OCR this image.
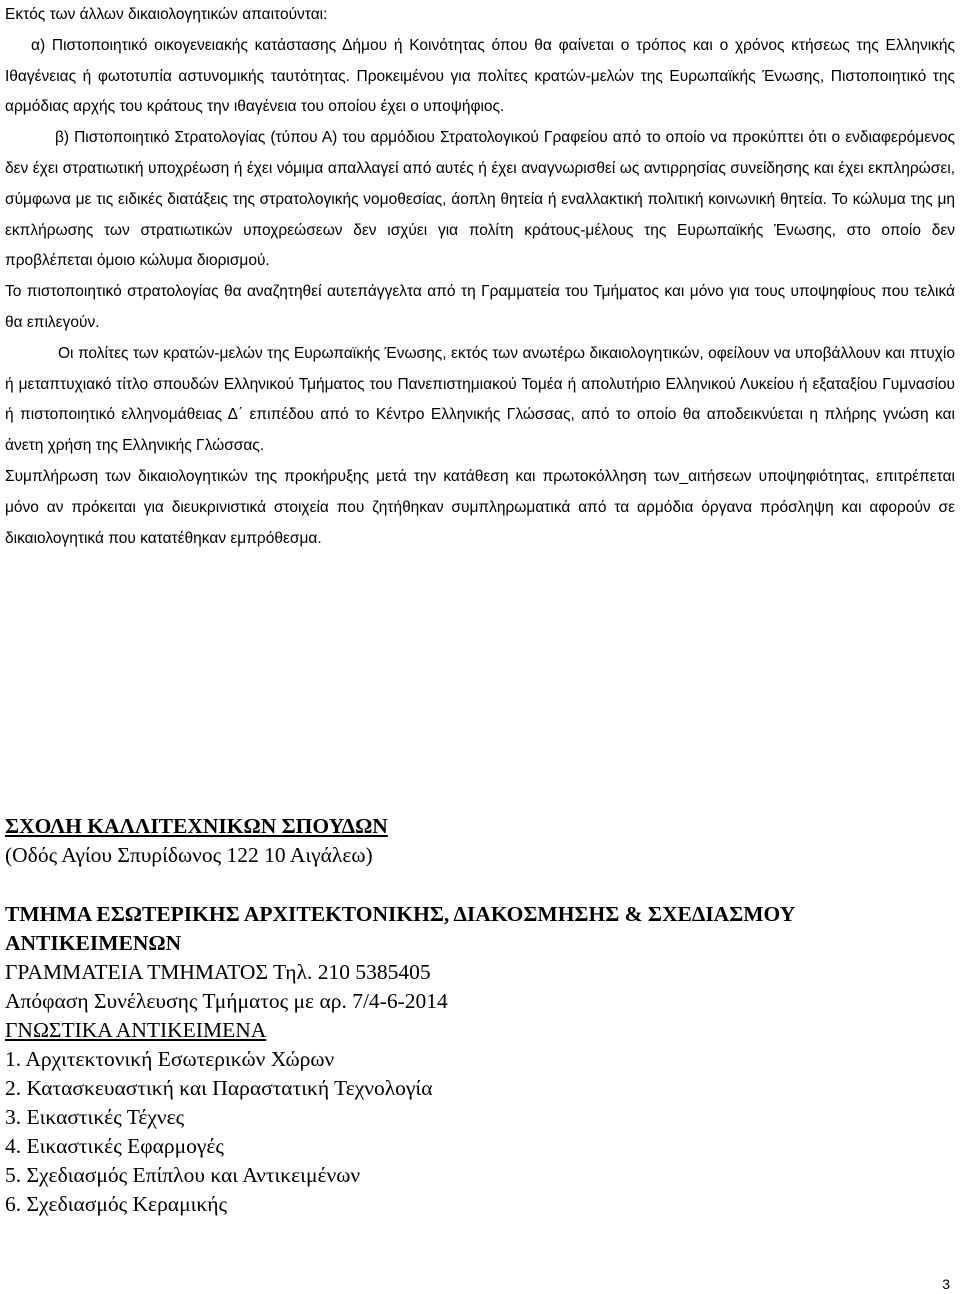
Εκτός των άλλων δικαιολογητικών απαιτούνται:

α) Πιστοποιητικό οικογενειακής κατάστασης Δήμου ή Κοινότητας όπου θα φαίνεται ο τρόπος και ο χρόνος κτήσεως της Ελληνικής Ιθαγένειας ή φωτοτυπία αστυνομικής ταυτότητας. Προκειμένου για πολίτες κρατών-μελών της Ευρωπαϊκής Ένωσης, Πιστοποιητικό της αρμόδιας αρχής του κράτους την ιθαγένεια του οποίου έχει ο υποψήφιος.

β) Πιστοποιητικό Στρατολογίας (τύπου Α) του αρμόδιου Στρατολογικού Γραφείου από το οποίο να προκύπτει ότι ο ενδιαφερόμενος δεν έχει στρατιωτική υποχρέωση ή έχει νόμιμα απαλλαγεί από αυτές ή έχει αναγνωρισθεί ως αντιρρησίας συνείδησης και έχει εκπληρώσει, σύμφωνα με τις ειδικές διατάξεις της στρατολογικής νομοθεσίας, άοπλη θητεία ή εναλλακτική πολιτική κοινωνική θητεία. Το κώλυμα της μη εκπλήρωσης των στρατιωτικών υποχρεώσεων δεν ισχύει για πολίτη κράτους-μέλους της Ευρωπαϊκής Ένωσης, στο οποίο δεν προβλέπεται όμοιο κώλυμα διορισμού.

Το πιστοποιητικό στρατολογίας θα αναζητηθεί αυτεπάγγελτα από τη Γραμματεία του Τμήματος και μόνο για τους υποψηφίους που τελικά θα επιλεγούν.

Οι πολίτες των κρατών-μελών της Ευρωπαϊκής Ένωσης, εκτός των ανωτέρω δικαιολογητικών, οφείλουν να υποβάλλουν και πτυχίο ή μεταπτυχιακό τίτλο σπουδών Ελληνικού Τμήματος του Πανεπιστημιακού Τομέα ή απολυτήριο Ελληνικού Λυκείου ή εξαταξίου Γυμνασίου ή πιστοποιητικό ελληνομάθειας Δ΄ επιπέδου από το Κέντρο Ελληνικής Γλώσσας, από το οποίο θα αποδεικνύεται η πλήρης γνώση και άνετη χρήση της Ελληνικής Γλώσσας.

Συμπλήρωση των δικαιολογητικών της προκήρυξης μετά την κατάθεση και πρωτοκόλληση των_αιτήσεων υποψηφιότητας, επιτρέπεται μόνο αν πρόκειται για διευκρινιστικά στοιχεία που ζητήθηκαν συμπληρωματικά από τα αρμόδια όργανα πρόσληψη και αφορούν σε δικαιολογητικά που κατατέθηκαν εμπρόθεσμα.

ΣΧΟΛΗ ΚΑΛΛΙΤΕΧΝΙΚΩΝ ΣΠΟΥΔΩΝ

(Οδός Αγίου Σπυρίδωνος 122 10 Αιγάλεω)

ΤΜΗΜΑ ΕΣΩΤΕΡΙΚΗΣ ΑΡΧΙΤΕΚΤΟΝΙΚΗΣ, ΔΙΑΚΟΣΜΗΣΗΣ & ΣΧΕΔΙΑΣΜΟΥ ΑΝΤΙΚΕΙΜΕΝΩΝ

ΓΡΑΜΜΑΤΕΙΑ ΤΜΗΜΑΤΟΣ Τηλ. 210 5385405

Απόφαση Συνέλευσης Τμήματος με αρ. 7/4-6-2014

ΓΝΩΣΤΙΚΑ ΑΝΤΙΚΕΙΜΕΝΑ

1. Αρχιτεκτονική Εσωτερικών Χώρων
2. Κατασκευαστική και Παραστατική Τεχνολογία
3. Εικαστικές Τέχνες
4. Εικαστικές Εφαρμογές
5. Σχεδιασμός Επίπλου και Αντικειμένων
6. Σχεδιασμός Κεραμικής
3
